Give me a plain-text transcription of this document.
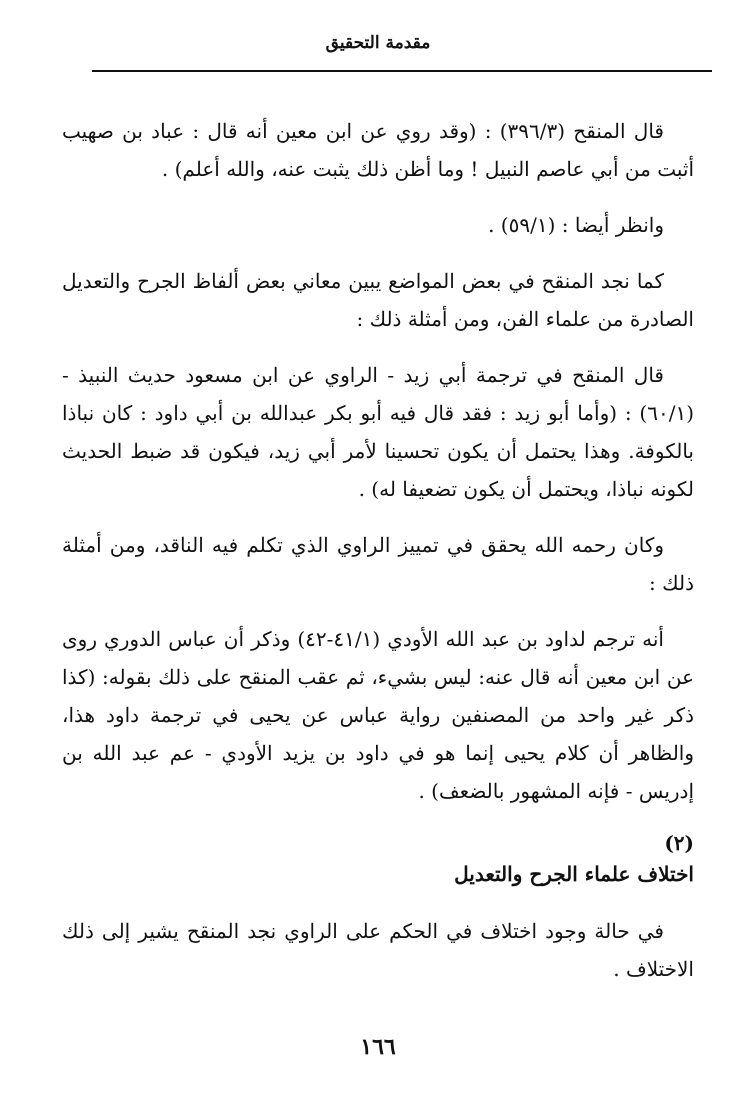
مقدمة التحقيق

قال المنقح (٣٩٦/٣) : (وقد روي عن ابن معين أنه قال : عباد بن صهيب أثبت من أبي عاصم النبيل ! وما أظن ذلك يثبت عنه، والله أعلم) .

وانظر أيضا : (٥٩/١) .

كما نجد المنقح في بعض المواضع يبين معاني بعض ألفاظ الجرح والتعديل الصادرة من علماء الفن، ومن أمثلة ذلك :

قال المنقح في ترجمة أبي زيد - الراوي عن ابن مسعود حديث النبيذ - (٦٠/١) : (وأما أبو زيد : فقد قال فيه أبو بكر عبدالله بن أبي داود : كان نباذا بالكوفة. وهذا يحتمل أن يكون تحسينا لأمر أبي زيد، فيكون قد ضبط الحديث لكونه نباذا، ويحتمل أن يكون تضعيفا له) .

وكان رحمه الله يحقق في تمييز الراوي الذي تكلم فيه الناقد، ومن أمثلة ذلك :

أنه ترجم لداود بن عبد الله الأودي (٤١/١-٤٢) وذكر أن عباس الدوري روى عن ابن معين أنه قال عنه: ليس بشيء، ثم عقب المنقح على ذلك بقوله: (كذا ذكر غير واحد من المصنفين رواية عباس عن يحيى في ترجمة داود هذا، والظاهر أن كلام يحيى إنما هو في داود بن يزيد الأودي - عم عبد الله بن إدريس - فإنه المشهور بالضعف) .

(٢)
اختلاف علماء الجرح والتعديل

في حالة وجود اختلاف في الحكم على الراوي نجد المنقح يشير إلى ذلك الاختلاف .

١٦٦
